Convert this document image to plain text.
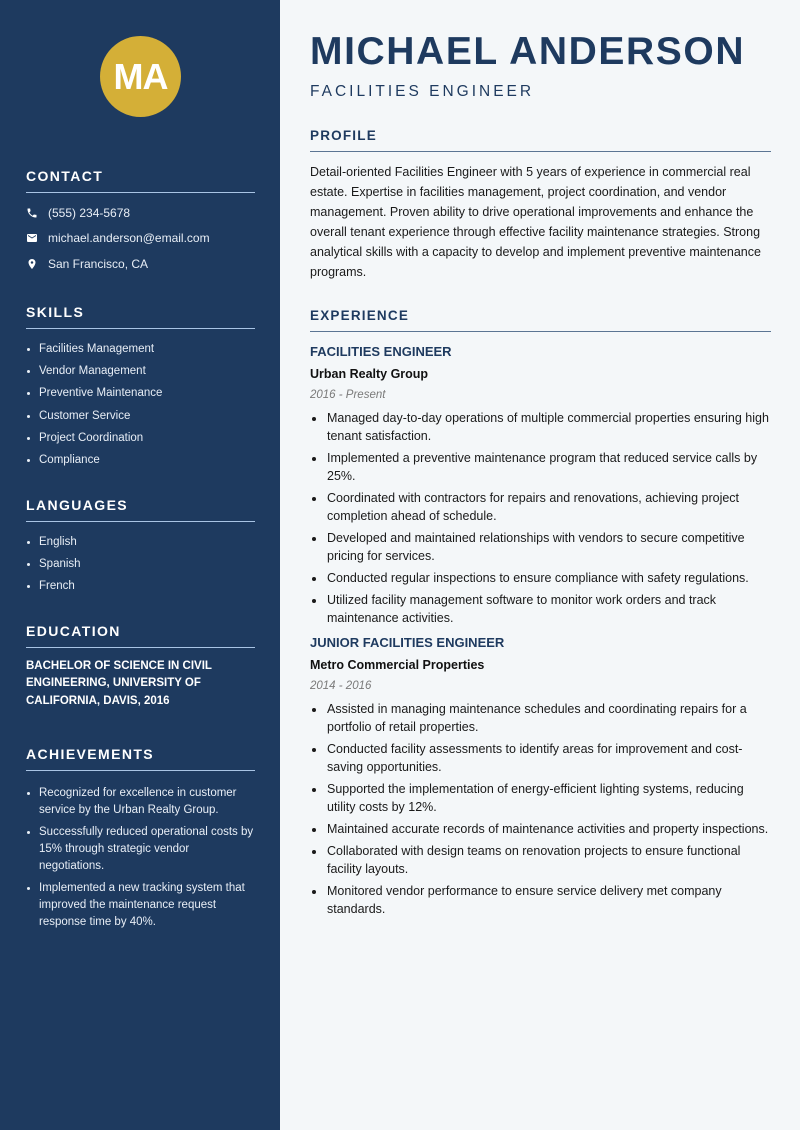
MA
CONTACT
(555) 234-5678
michael.anderson@email.com
San Francisco, CA
SKILLS
Facilities Management
Vendor Management
Preventive Maintenance
Customer Service
Project Coordination
Compliance
LANGUAGES
English
Spanish
French
EDUCATION

BACHELOR OF SCIENCE IN CIVIL ENGINEERING, UNIVERSITY OF CALIFORNIA, DAVIS, 2016

ACHIEVEMENTS
Recognized for excellence in customer service by the Urban Realty Group.
Successfully reduced operational costs by 15% through strategic vendor negotiations.
Implemented a new tracking system that improved the maintenance request response time by 40%.
MICHAEL ANDERSON
FACILITIES ENGINEER
PROFILE

Detail-oriented Facilities Engineer with 5 years of experience in commercial real estate. Expertise in facilities management, project coordination, and vendor management. Proven ability to drive operational improvements and enhance the overall tenant experience through effective facility maintenance strategies. Strong analytical skills with a capacity to develop and implement preventive maintenance programs.

EXPERIENCE
FACILITIES ENGINEER
Urban Realty Group
2016 - Present
Managed day-to-day operations of multiple commercial properties ensuring high tenant satisfaction.
Implemented a preventive maintenance program that reduced service calls by 25%.
Coordinated with contractors for repairs and renovations, achieving project completion ahead of schedule.
Developed and maintained relationships with vendors to secure competitive pricing for services.
Conducted regular inspections to ensure compliance with safety regulations.
Utilized facility management software to monitor work orders and track maintenance activities.
JUNIOR FACILITIES ENGINEER
Metro Commercial Properties
2014 - 2016
Assisted in managing maintenance schedules and coordinating repairs for a portfolio of retail properties.
Conducted facility assessments to identify areas for improvement and cost-saving opportunities.
Supported the implementation of energy-efficient lighting systems, reducing utility costs by 12%.
Maintained accurate records of maintenance activities and property inspections.
Collaborated with design teams on renovation projects to ensure functional facility layouts.
Monitored vendor performance to ensure service delivery met company standards.
